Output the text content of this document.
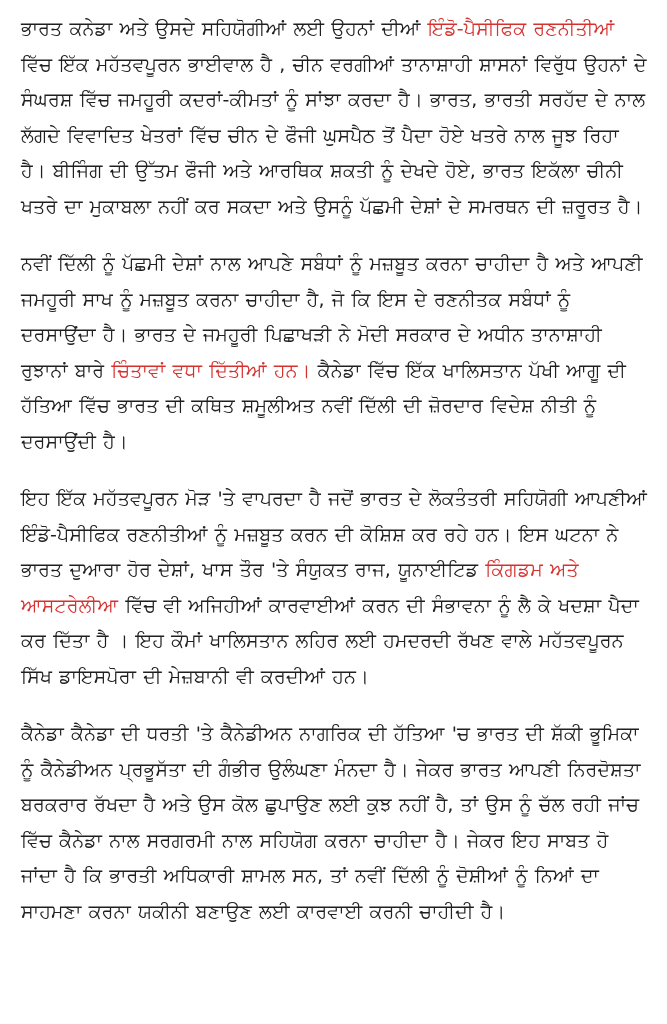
ਭਾਰਤ ਕਨੇਡਾ ਅਤੇ ਉਸਦੇ ਸਹਿਯੋਗੀਆਂ ਲਈ ਉਹਨਾਂ ਦੀਆਂ ਇੰਡੋ-ਪੈਸੀਫਿਕ ਰਣਨੀਤੀਆਂ ਵਿੱਚ ਇੱਕ ਮਹੱਤਵਪੂਰਨ ਭਾਈਵਾਲ ਹੈ , ਚੀਨ ਵਰਗੀਆਂ ਤਾਨਾਸ਼ਾਹੀ ਸ਼ਾਸਨਾਂ ਵਿਰੁੱਧ ਉਹਨਾਂ ਦੇ ਸੰਘਰਸ਼ ਵਿੱਚ ਜਮਹੂਰੀ ਕਦਰਾਂ-ਕੀਮਤਾਂ ਨੂੰ ਸਾਂਝਾ ਕਰਦਾ ਹੈ। ਭਾਰਤ, ਭਾਰਤੀ ਸਰਹੱਦ ਦੇ ਨਾਲ ਲੱਗਦੇ ਵਿਵਾਦਿਤ ਖੇਤਰਾਂ ਵਿੱਚ ਚੀਨ ਦੇ ਫੌਜੀ ਘੁਸਪੈਠ ਤੋਂ ਪੈਦਾ ਹੋਏ ਖਤਰੇ ਨਾਲ ਜੂਝ ਰਿਹਾ ਹੈ। ਬੀਜਿੰਗ ਦੀ ਉੱਤਮ ਫੌਜੀ ਅਤੇ ਆਰਥਿਕ ਸ਼ਕਤੀ ਨੂੰ ਦੇਖਦੇ ਹੋਏ, ਭਾਰਤ ਇਕੱਲਾ ਚੀਨੀ ਖਤਰੇ ਦਾ ਮੁਕਾਬਲਾ ਨਹੀਂ ਕਰ ਸਕਦਾ ਅਤੇ ਉਸਨੂੰ ਪੱਛਮੀ ਦੇਸ਼ਾਂ ਦੇ ਸਮਰਥਨ ਦੀ ਜ਼ਰੂਰਤ ਹੈ।

ਨਵੀਂ ਦਿੱਲੀ ਨੂੰ ਪੱਛਮੀ ਦੇਸ਼ਾਂ ਨਾਲ ਆਪਣੇ ਸਬੰਧਾਂ ਨੂੰ ਮਜ਼ਬੂਤ ਕਰਨਾ ਚਾਹੀਦਾ ਹੈ ਅਤੇ ਆਪਣੀ ਜਮਹੂਰੀ ਸਾਖ ਨੂੰ ਮਜ਼ਬੂਤ ਕਰਨਾ ਚਾਹੀਦਾ ਹੈ, ਜੋ ਕਿ ਇਸ ਦੇ ਰਣਨੀਤਕ ਸਬੰਧਾਂ ਨੂੰ ਦਰਸਾਉਂਦਾ ਹੈ। ਭਾਰਤ ਦੇ ਜਮਹੂਰੀ ਪਿਛਾਖੜੀ ਨੇ ਮੋਦੀ ਸਰਕਾਰ ਦੇ ਅਧੀਨ ਤਾਨਾਸ਼ਾਹੀ ਰੁਝਾਨਾਂ ਬਾਰੇ ਚਿੰਤਾਵਾਂ ਵਧਾ ਦਿੱਤੀਆਂ ਹਨ। ਕੈਨੇਡਾ ਵਿੱਚ ਇੱਕ ਖਾਲਿਸਤਾਨ ਪੱਖੀ ਆਗੂ ਦੀ ਹੱਤਿਆ ਵਿੱਚ ਭਾਰਤ ਦੀ ਕਥਿਤ ਸ਼ਮੂਲੀਅਤ ਨਵੀਂ ਦਿੱਲੀ ਦੀ ਜ਼ੋਰਦਾਰ ਵਿਦੇਸ਼ ਨੀਤੀ ਨੂੰ ਦਰਸਾਉਂਦੀ ਹੈ।

ਇਹ ਇੱਕ ਮਹੱਤਵਪੂਰਨ ਮੋੜ 'ਤੇ ਵਾਪਰਦਾ ਹੈ ਜਦੋਂ ਭਾਰਤ ਦੇ ਲੋਕਤੰਤਰੀ ਸਹਿਯੋਗੀ ਆਪਣੀਆਂ ਇੰਡੋ-ਪੈਸੀਫਿਕ ਰਣਨੀਤੀਆਂ ਨੂੰ ਮਜ਼ਬੂਤ ਕਰਨ ਦੀ ਕੋਸ਼ਿਸ਼ ਕਰ ਰਹੇ ਹਨ। ਇਸ ਘਟਨਾ ਨੇ ਭਾਰਤ ਦੁਆਰਾ ਹੋਰ ਦੇਸ਼ਾਂ, ਖਾਸ ਤੌਰ 'ਤੇ ਸੰਯੁਕਤ ਰਾਜ, ਯੂਨਾਈਟਿਡ ਕਿੰਗਡਮ ਅਤੇ ਆਸਟਰੇਲੀਆ ਵਿੱਚ ਵੀ ਅਜਿਹੀਆਂ ਕਾਰਵਾਈਆਂ ਕਰਨ ਦੀ ਸੰਭਾਵਨਾ ਨੂੰ ਲੈ ਕੇ ਖਦਸ਼ਾ ਪੈਦਾ ਕਰ ਦਿੱਤਾ ਹੈ । ਇਹ ਕੌਮਾਂ ਖਾਲਿਸਤਾਨ ਲਹਿਰ ਲਈ ਹਮਦਰਦੀ ਰੱਖਣ ਵਾਲੇ ਮਹੱਤਵਪੂਰਨ ਸਿੱਖ ਡਾਇਸਪੋਰਾ ਦੀ ਮੇਜ਼ਬਾਨੀ ਵੀ ਕਰਦੀਆਂ ਹਨ।

ਕੈਨੇਡਾ ਕੈਨੇਡਾ ਦੀ ਧਰਤੀ 'ਤੇ ਕੈਨੇਡੀਅਨ ਨਾਗਰਿਕ ਦੀ ਹੱਤਿਆ 'ਚ ਭਾਰਤ ਦੀ ਸ਼ੱਕੀ ਭੂਮਿਕਾ ਨੂੰ ਕੈਨੇਡੀਅਨ ਪ੍ਰਭੂਸੱਤਾ ਦੀ ਗੰਭੀਰ ਉਲੰਘਣਾ ਮੰਨਦਾ ਹੈ। ਜੇਕਰ ਭਾਰਤ ਆਪਣੀ ਨਿਰਦੋਸ਼ਤਾ ਬਰਕਰਾਰ ਰੱਖਦਾ ਹੈ ਅਤੇ ਉਸ ਕੋਲ ਛੁਪਾਉਣ ਲਈ ਕੁਝ ਨਹੀਂ ਹੈ, ਤਾਂ ਉਸ ਨੂੰ ਚੱਲ ਰਹੀ ਜਾਂਚ ਵਿੱਚ ਕੈਨੇਡਾ ਨਾਲ ਸਰਗਰਮੀ ਨਾਲ ਸਹਿਯੋਗ ਕਰਨਾ ਚਾਹੀਦਾ ਹੈ। ਜੇਕਰ ਇਹ ਸਾਬਤ ਹੋ ਜਾਂਦਾ ਹੈ ਕਿ ਭਾਰਤੀ ਅਧਿਕਾਰੀ ਸ਼ਾਮਲ ਸਨ, ਤਾਂ ਨਵੀਂ ਦਿੱਲੀ ਨੂੰ ਦੋਸ਼ੀਆਂ ਨੂੰ ਨਿਆਂ ਦਾ ਸਾਹਮਣਾ ਕਰਨਾ ਯਕੀਨੀ ਬਣਾਉਣ ਲਈ ਕਾਰਵਾਈ ਕਰਨੀ ਚਾਹੀਦੀ ਹੈ।
